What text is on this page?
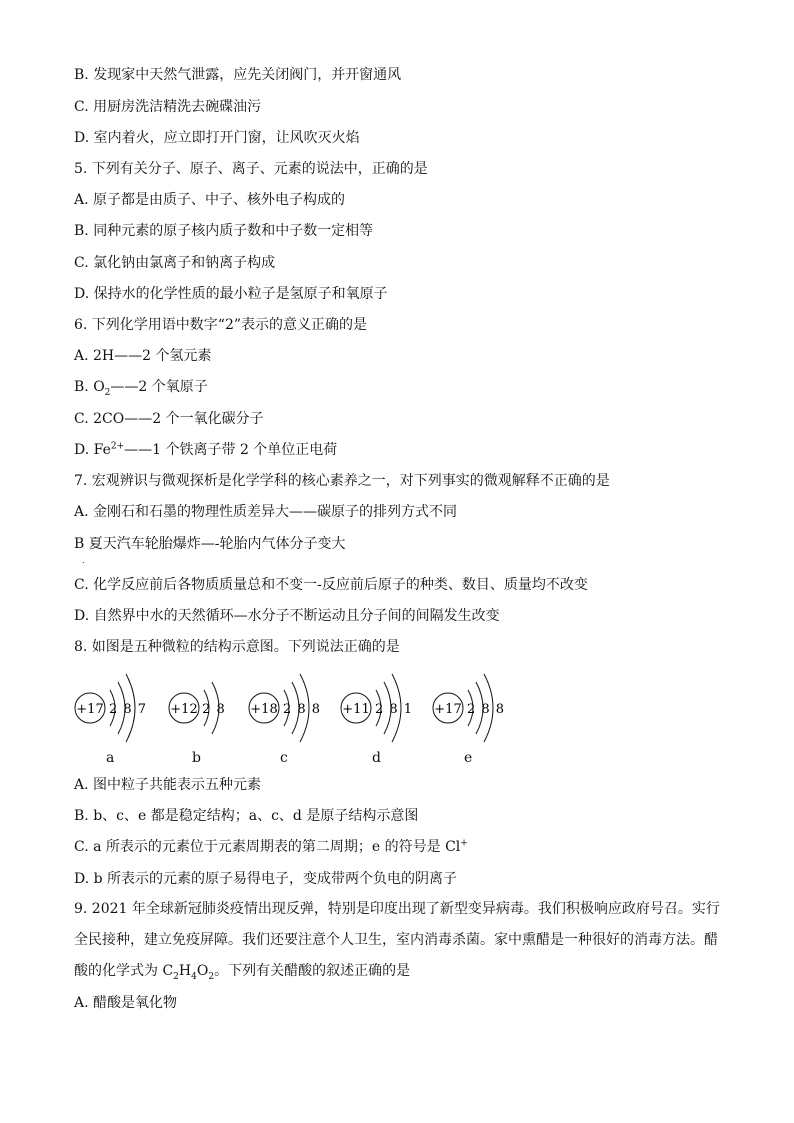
B. 发现家中天然气泄露，应先关闭阀门，并开窗通风
C. 用厨房洗洁精洗去碗碟油污
D. 室内着火，应立即打开门窗，让风吹灭火焰
5. 下列有关分子、原子、离子、元素的说法中，正确的是
A. 原子都是由质子、中子、核外电子构成的
B. 同种元素的原子核内质子数和中子数一定相等
C. 氯化钠由氯离子和钠离子构成
D. 保持水的化学性质的最小粒子是氢原子和氧原子
6. 下列化学用语中数字“2”表示的意义正确的是
A. 2H——2 个氢元素
B. $O_2——2$ 个氧原子
C. 2CO——2 个一氧化碳分子
D. $Fe^{2+}——1$ 个铁离子带 2 个单位正电荷
7. 宏观辨识与微观探析是化学学科的核心素养之一，对下列事实的微观解释不正确的是
A. 金刚石和石墨的物理性质差异大——碳原子的排列方式不同
B 夏天汽车轮胎爆炸—-轮胎内气体分子变大
.
C. 化学反应前后各物质质量总和不变一-反应前后原子的种类、数目、质量均不改变
D. 自然界中水的天然循环—水分子不断运动且分子间的间隔发生改变
8. 如图是五种微粒的结构示意图。下列说法正确的是
+17 2 8 7
a
+12 2 8
b
+18 2 8 8
c
+11 2 8 1
d
+17 2 8 8
e
A. 图中粒子共能表示五种元素
B. b、c、e 都是稳定结构；a、c、d 是原子结构示意图
C. a 所表示的元素位于元素周期表的第二周期；e 的符号是 Cl+
D. b 所表示的元素的原子易得电子，变成带两个负电的阴离子
9. 2021 年全球新冠肺炎疫情出现反弹，特别是印度出现了新型变异病毒。我们积极响应政府号召。实行全民接种，建立免疫屏障。我们还要注意个人卫生，室内消毒杀菌。家中熏醋是一种很好的消毒方法。醋酸的化学式为 $C_2H_4O_2$。下列有关醋酸的叙述正确的是
A. 醋酸是氧化物
